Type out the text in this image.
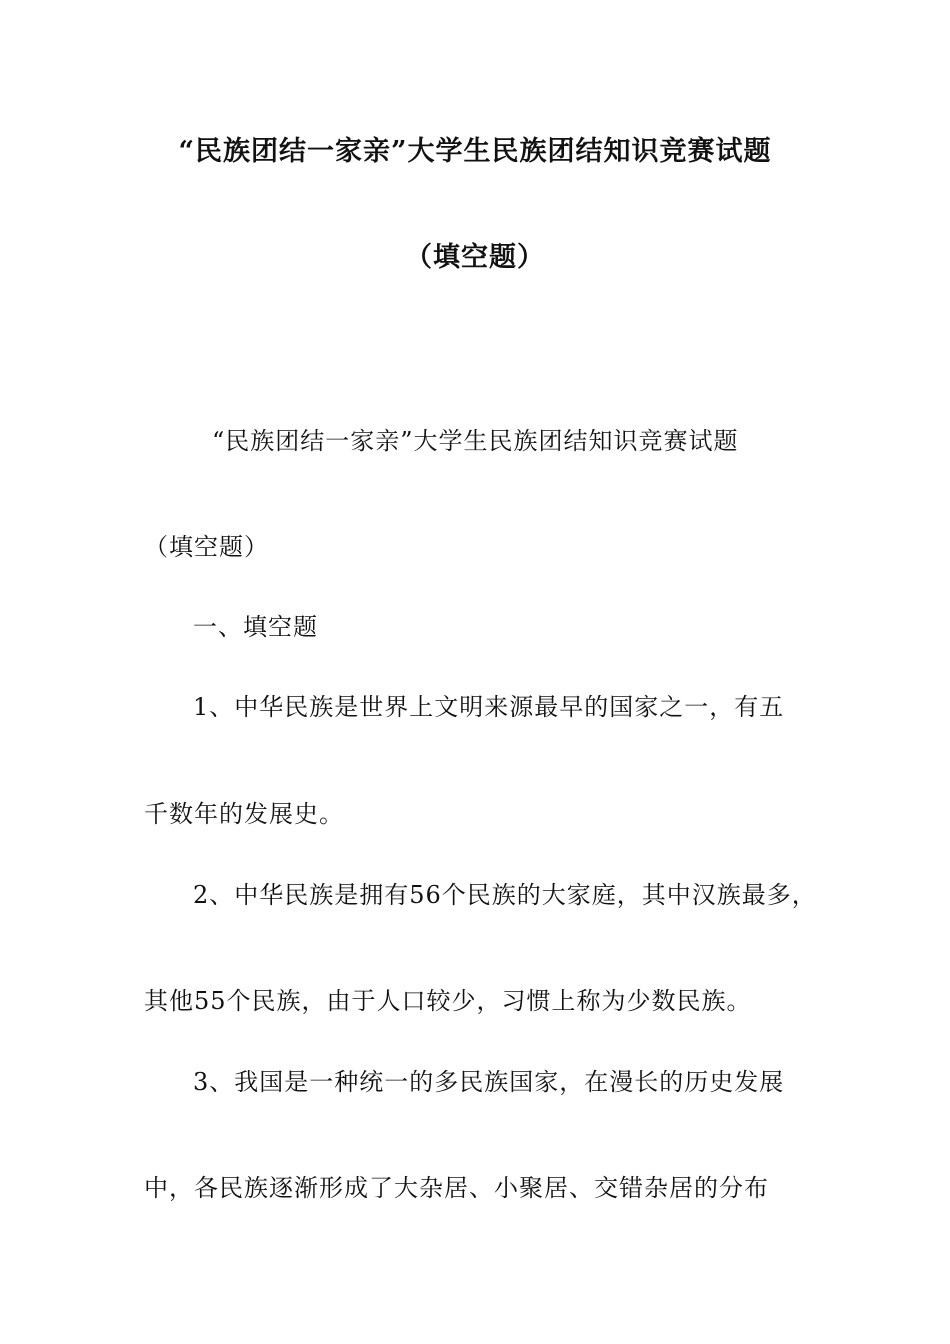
“民族团结一家亲”大学生民族团结知识竞赛试题
（填空题）
“民族团结一家亲”大学生民族团结知识竞赛试题
（填空题）
一、填空题
1、中华民族是世界上文明来源最早的国家之一，有五
千数年的发展史。
2、中华民族是拥有56个民族的大家庭，其中汉族最多，
其他55个民族，由于人口较少，习惯上称为少数民族。
3、我国是一种统一的多民族国家，在漫长的历史发展
中，各民族逐渐形成了大杂居、小聚居、交错杂居的分布
